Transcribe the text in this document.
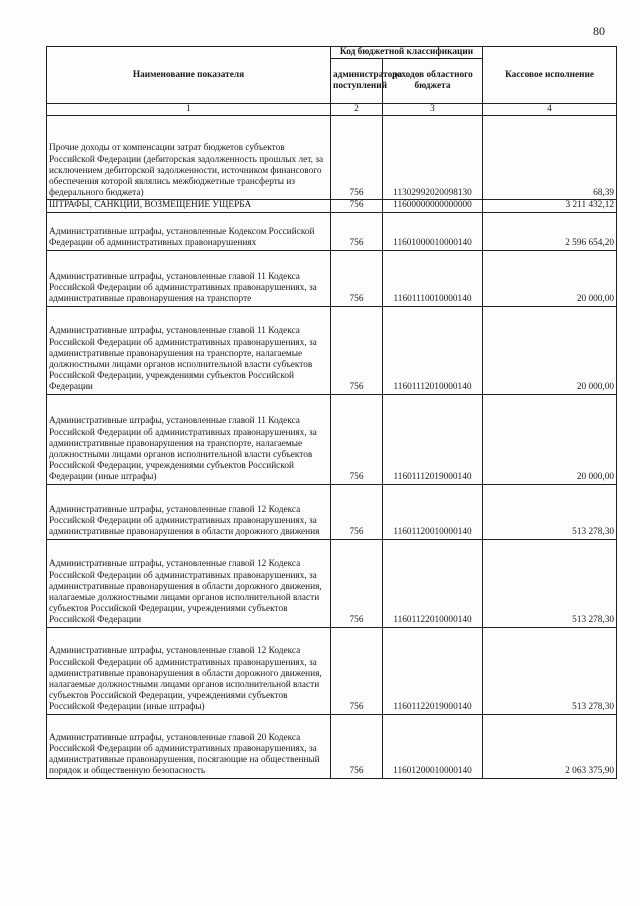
80
Наименование показателя	Код бюджетной классификации		Кассовое исполнение
	администратора поступлений	доходов областного бюджета	
1	2	3	4
Прочие доходы от компенсации затрат бюджетов субъектов Российской Федерации (дебиторская задолженность прошлых лет, за исключением дебиторской задолженности, источником финансового обеспечения которой являлись межбюджетные трансферты из федерального бюджета)	756	11302992020098130	68,39
ШТРАФЫ, САНКЦИИ, ВОЗМЕЩЕНИЕ УЩЕРБА	756	11600000000000000	3 211 432,12
Административные штрафы, установленные Кодексом Российской Федерации об административных правонарушениях	756	11601000010000140	2 596 654,20
Административные штрафы, установленные главой 11 Кодекса Российской Федерации об административных правонарушениях, за административные правонарушения на транспорте	756	11601110010000140	20 000,00
Административные штрафы, установленные главой 11 Кодекса Российской Федерации об административных правонарушениях, за административные правонарушения на транспорте, налагаемые должностными лицами органов исполнительной власти субъектов Российской Федерации, учреждениями субъектов Российской Федерации	756	11601112010000140	20 000,00
Административные штрафы, установленные главой 11 Кодекса Российской Федерации об административных правонарушениях, за административные правонарушения на транспорте, налагаемые должностными лицами органов исполнительной власти субъектов Российской Федерации, учреждениями субъектов Российской Федерации (иные штрафы)	756	11601112019000140	20 000,00
Административные штрафы, установленные главой 12 Кодекса Российской Федерации об административных правонарушениях, за административные правонарушения в области дорожного движения	756	11601120010000140	513 278,30
Административные штрафы, установленные главой 12 Кодекса Российской Федерации об административных правонарушениях, за административные правонарушения в области дорожного движения, налагаемые должностными лицами органов исполнительной власти субъектов Российской Федерации, учреждениями субъектов Российской Федерации	756	11601122010000140	513 278,30
Административные штрафы, установленные главой 12 Кодекса Российской Федерации об административных правонарушениях, за административные правонарушения в области дорожного движения, налагаемые должностными лицами органов исполнительной власти субъектов Российской Федерации, учреждениями субъектов Российской Федерации (иные штрафы)	756	11601122019000140	513 278,30
Административные штрафы, установленные главой 20 Кодекса Российской Федерации об административных правонарушениях, за административные правонарушения, посягающие на общественный порядок и общественную безопасность	756	11601200010000140	2 063 375,90
